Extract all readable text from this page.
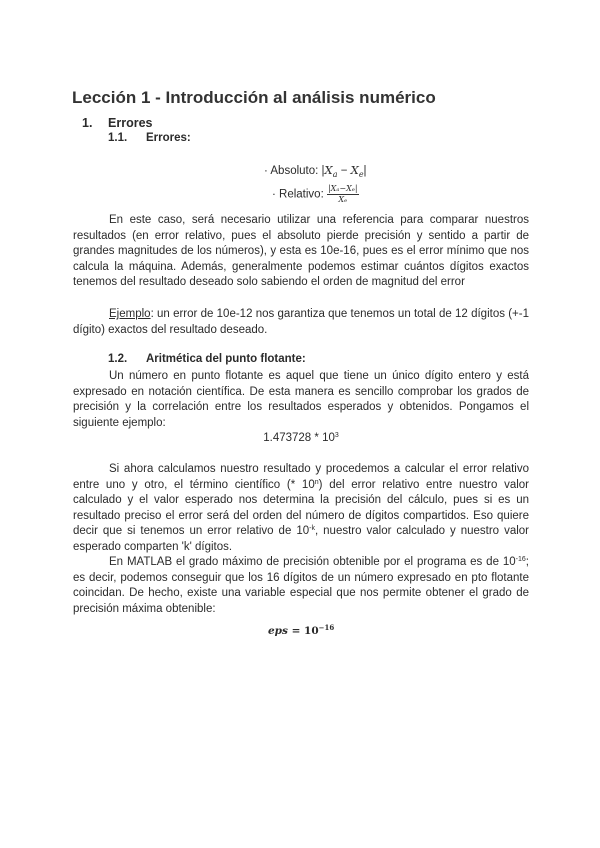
Lección 1 - Introducción al análisis numérico
1. Errores
1.1. Errores:
· Absoluto: $|X_a - X_e|$
· Relativo: $\frac{\text{|Xₐ−Xₑ|}}{\text{Xₑ}}$
En este caso, será necesario utilizar una referencia para comparar nuestros resultados (en error relativo, pues el absoluto pierde precisión y sentido a partir de grandes magnitudes de los números), y esta es 10e-16, pues es el error mínimo que nos calcula la máquina. Además, generalmente podemos estimar cuántos dígitos exactos tenemos del resultado deseado solo sabiendo el orden de magnitud del error
Ejemplo: un error de 10e-12 nos garantiza que tenemos un total de 12 dígitos (+-1 dígito) exactos del resultado deseado.
1.2. Aritmética del punto flotante:
Un número en punto flotante es aquel que tiene un único dígito entero y está expresado en notación científica. De esta manera es sencillo comprobar los grados de precisión y la correlación entre los resultados esperados y obtenidos. Pongamos el siguiente ejemplo:
$1.473728 * 10^3$
Si ahora calculamos nuestro resultado y procedemos a calcular el error relativo entre uno y otro, el término científico (* 10$^n$) del error relativo entre nuestro valor calculado y el valor esperado nos determina la precisión del cálculo, pues si es un resultado preciso el error será del orden del número de dígitos compartidos. Eso quiere decir que si tenemos un error relativo de $10^{-k}$, nuestro valor calculado y nuestro valor esperado comparten 'k' dígitos.
En MATLAB el grado máximo de precisión obtenible por el programa es de $10^{-16}$; es decir, podemos conseguir que los 16 dígitos de un número expresado en pto flotante coincidan. De hecho, existe una variable especial que nos permite obtener el grado de precisión máxima obtenible:
eps = $10^{-16}$
